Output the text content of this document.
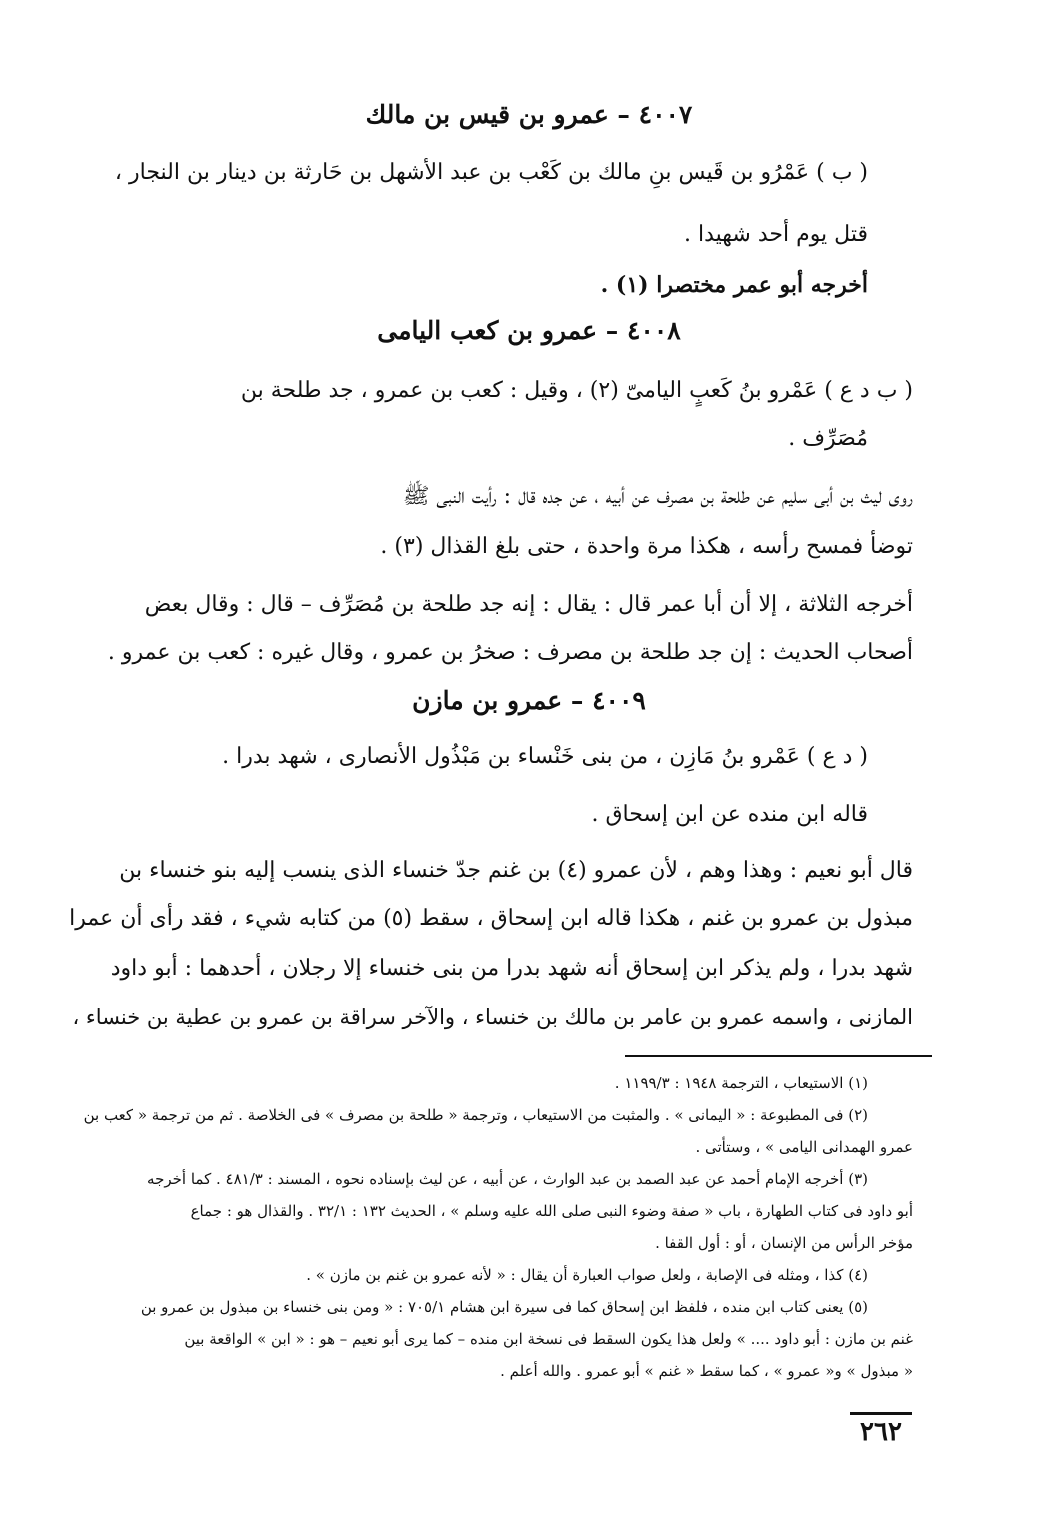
٤٠٠٧ – عمرو بن قيس بن مالك
( ب ) عَمْرُو بن قَيس بنِ مالك بن كَعْب بن عبد الأشهل بن حَارثة بن دينار بن النجار ،
قتل يوم أحد شهيدا .
أخرجه أبو عمر مختصرا (١) .
٤٠٠٨ – عمرو بن كعب اليامى
( ب د ع ) عَمْرو بنُ كَعبٍ اليامىّ (٢) ، وقيل : كعب بن عمرو ، جد طلحة بن
مُصَرِّف .
روى ليث بن أبى سليم عن طلحة بن مصرف عن أبيه ، عن جده قال : رأيت النبى ﷺ
توضأ فمسح رأسه ، هكذا مرة واحدة ، حتى بلغ القذال (٣) .
أخرجه الثلاثة ، إلا أن أبا عمر قال : يقال : إنه جد طلحة بن مُصَرِّف – قال : وقال بعض
أصحاب الحديث : إن جد طلحة بن مصرف : صخرُ بن عمرو ، وقال غيره : كعب بن عمرو .
٤٠٠٩ – عمرو بن مازن
( د ع ) عَمْرو بنُ مَازِن ، من بنى خَنْساء بن مَبْذُول الأنصارى ، شهد بدرا .
قاله ابن منده عن ابن إسحاق .
قال أبو نعيم : وهذا وهم ، لأن عمرو (٤) بن غنم جدّ خنساء الذى ينسب إليه بنو خنساء بن
مبذول بن عمرو بن غنم ، هكذا قاله ابن إسحاق ، سقط (٥) من كتابه شيء ، فقد رأى أن عمرا
شهد بدرا ، ولم يذكر ابن إسحاق أنه شهد بدرا من بنى خنساء إلا رجلان ، أحدهما : أبو داود
المازنى ، واسمه عمرو بن عامر بن مالك بن خنساء ، والآخر سراقة بن عمرو بن عطية بن خنساء ،
(١) الاستيعاب ، الترجمة ١٩٤٨ : ١١٩٩/٣ .
(٢) فى المطبوعة : « اليمانى » . والمثبت من الاستيعاب ، وترجمة « طلحة بن مصرف » فى الخلاصة . ثم من ترجمة « كعب بن
عمرو الهمدانى اليامى » ، وستأتى .
(٣) أخرجه الإمام أحمد عن عبد الصمد بن عبد الوارث ، عن أبيه ، عن ليث بإسناده نحوه ، المسند : ٤٨١/٣ . كما أخرجه
أبو داود فى كتاب الطهارة ، باب « صفة وضوء النبى صلى الله عليه وسلم » ، الحديث ١٣٢ : ٣٢/١ . والقذال هو : جماع
مؤخر الرأس من الإنسان ، أو : أول القفا .
(٤) كذا ، ومثله فى الإصابة ، ولعل صواب العبارة أن يقال : « لأنه عمرو بن غنم بن مازن » .
(٥) يعنى كتاب ابن منده ، فلفظ ابن إسحاق كما فى سيرة ابن هشام ٧٠٥/١ : « ومن بنى خنساء بن مبذول بن عمرو بن
غنم بن مازن : أبو داود .... » ولعل هذا يكون السقط فى نسخة ابن منده – كما يرى أبو نعيم – هو : « ابن » الواقعة بين
« مبذول » و« عمرو » ، كما سقط « غنم » أبو عمرو . والله أعلم .
٢٦٢
